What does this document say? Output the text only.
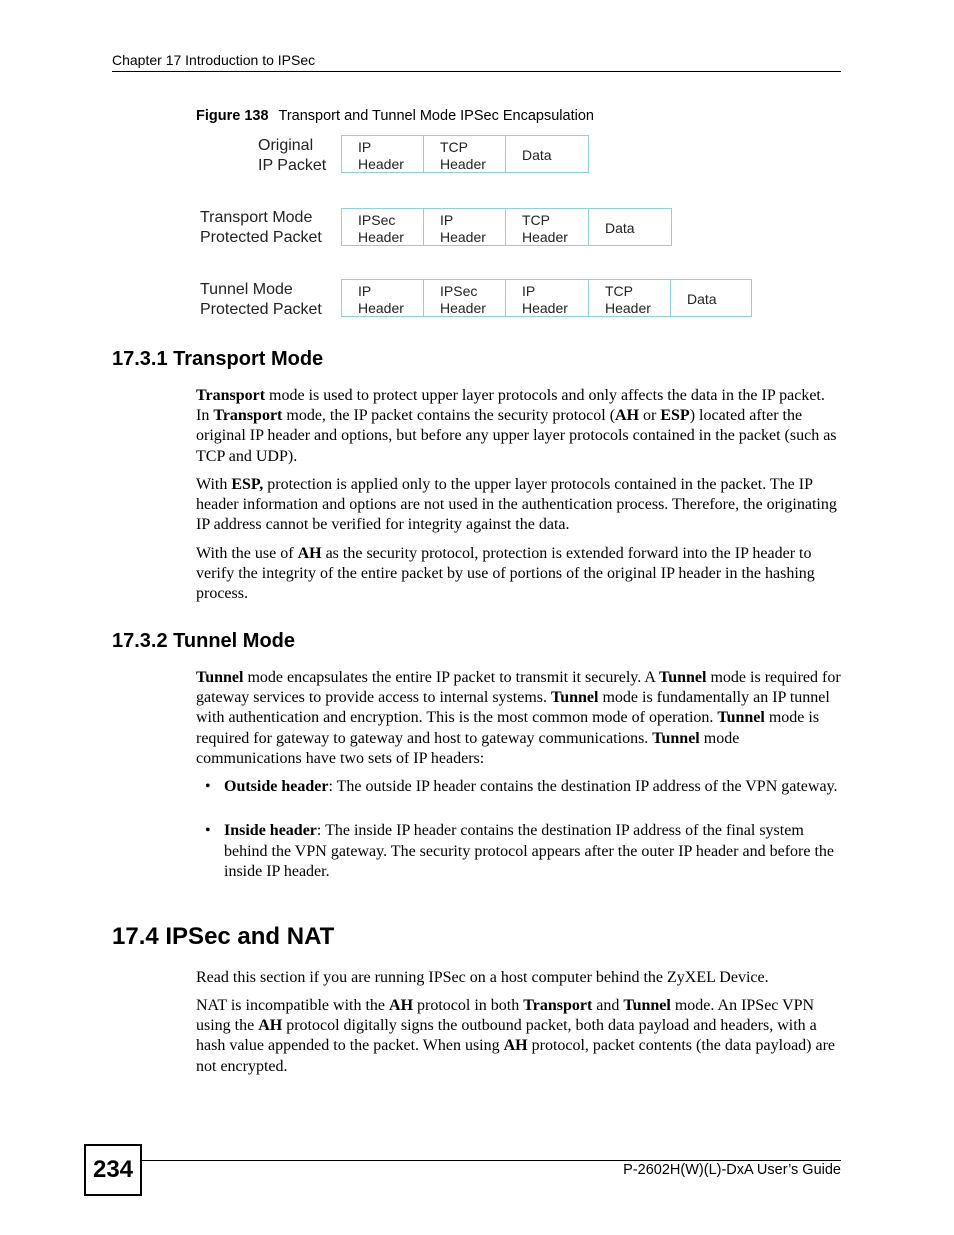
Chapter 17 Introduction to IPSec
Figure 138 Transport and Tunnel Mode IPSec Encapsulation
Original
IP Packet
IP
Header
TCP
Header
Data
Transport Mode
Protected Packet
IPSec
Header
IP
Header
TCP
Header
Data
Tunnel Mode
Protected Packet
IP
Header
IPSec
Header
IP
Header
TCP
Header
Data
17.3.1 Transport Mode

Transport mode is used to protect upper layer protocols and only affects the data in the IP packet. In Transport mode, the IP packet contains the security protocol (AH or ESP) located after the original IP header and options, but before any upper layer protocols contained in the packet (such as TCP and UDP).

With ESP, protection is applied only to the upper layer protocols contained in the packet. The IP header information and options are not used in the authentication process. Therefore, the originating IP address cannot be verified for integrity against the data.

With the use of AH as the security protocol, protection is extended forward into the IP header to verify the integrity of the entire packet by use of portions of the original IP header in the hashing process.

17.3.2 Tunnel Mode

Tunnel mode encapsulates the entire IP packet to transmit it securely. A Tunnel mode is required for gateway services to provide access to internal systems. Tunnel mode is fundamentally an IP tunnel with authentication and encryption. This is the most common mode of operation. Tunnel mode is required for gateway to gateway and host to gateway communications. Tunnel mode communications have two sets of IP headers:

• Outside header: The outside IP header contains the destination IP address of the VPN gateway.

• Inside header: The inside IP header contains the destination IP address of the final system behind the VPN gateway. The security protocol appears after the outer IP header and before the inside IP header.

17.4 IPSec and NAT

Read this section if you are running IPSec on a host computer behind the ZyXEL Device.

NAT is incompatible with the AH protocol in both Transport and Tunnel mode. An IPSec VPN using the AH protocol digitally signs the outbound packet, both data payload and headers, with a hash value appended to the packet. When using AH protocol, packet contents (the data payload) are not encrypted.

234	P-2602H(W)(L)-DxA User’s Guide
